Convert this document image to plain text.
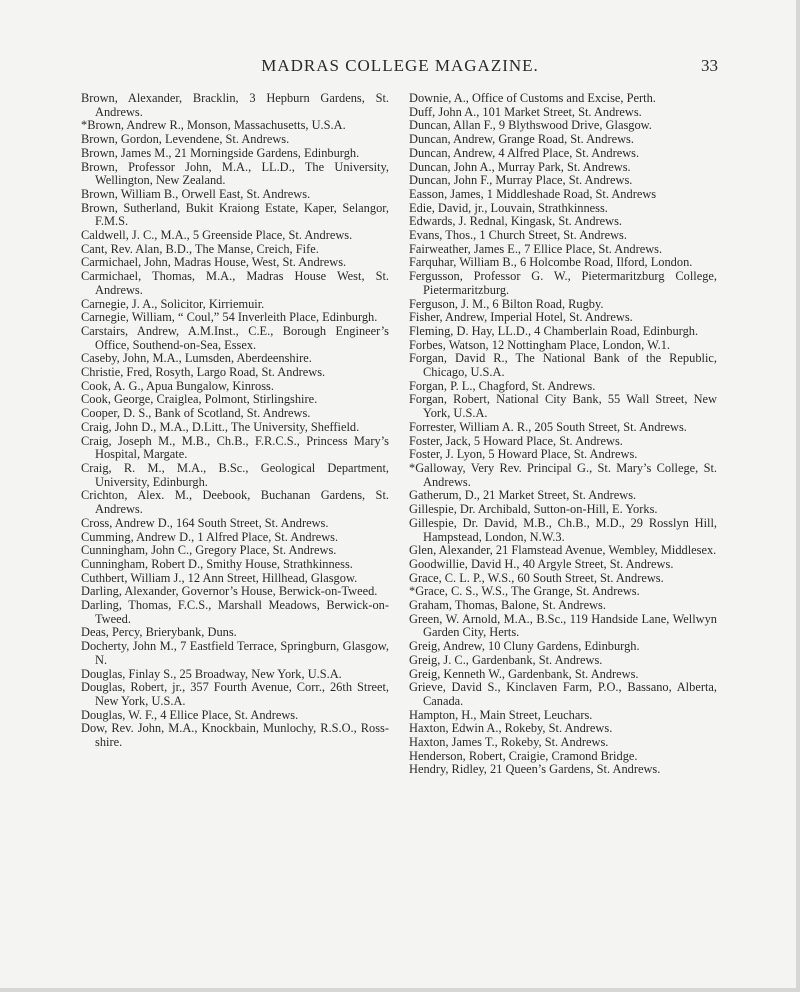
MADRAS COLLEGE MAGAZINE.	33
Brown, Alexander, Bracklin, 3 Hepburn Gardens, St. Andrews.
*Brown, Andrew R., Monson, Massachusetts, U.S.A.
Brown, Gordon, Levendene, St. Andrews.
Brown, James M., 21 Morningside Gardens, Edinburgh.
Brown, Professor John, M.A., LL.D., The University, Wellington, New Zealand.
Brown, William B., Orwell East, St. Andrews.
Brown, Sutherland, Bukit Kraiong Estate, Kaper, Selangor, F.M.S.
Caldwell, J. C., M.A., 5 Greenside Place, St. Andrews.
Cant, Rev. Alan, B.D., The Manse, Creich, Fife.
Carmichael, John, Madras House, West, St. Andrews.
Carmichael, Thomas, M.A., Madras House West, St. Andrews.
Carnegie, J. A., Solicitor, Kirriemuir.
Carnegie, William, “ Coul,” 54 Inverleith Place, Edinburgh.
Carstairs, Andrew, A.M.Inst., C.E., Borough Engineer’s Office, Southend-on-Sea, Essex.
Caseby, John, M.A., Lumsden, Aberdeenshire.
Christie, Fred, Rosyth, Largo Road, St. Andrews.
Cook, A. G., Apua Bungalow, Kinross.
Cook, George, Craiglea, Polmont, Stirlingshire.
Cooper, D. S., Bank of Scotland, St. Andrews.
Craig, John D., M.A., D.Litt., The University, Sheffield.
Craig, Joseph M., M.B., Ch.B., F.R.C.S., Princess Mary’s Hospital, Margate.
Craig, R. M., M.A., B.Sc., Geological Department, University, Edinburgh.
Crichton, Alex. M., Deebook, Buchanan Gardens, St. Andrews.
Cross, Andrew D., 164 South Street, St. Andrews.
Cumming, Andrew D., 1 Alfred Place, St. Andrews.
Cunningham, John C., Gregory Place, St. Andrews.
Cunningham, Robert D., Smithy House, Strathkinness.
Cuthbert, William J., 12 Ann Street, Hillhead, Glasgow.
Darling, Alexander, Governor’s House, Berwick-on-Tweed.
Darling, Thomas, F.C.S., Marshall Meadows, Berwick-on-Tweed.
Deas, Percy, Brierybank, Duns.
Docherty, John M., 7 Eastfield Terrace, Springburn, Glasgow, N.
Douglas, Finlay S., 25 Broadway, New York, U.S.A.
Douglas, Robert, jr., 357 Fourth Avenue, Corr., 26th Street, New York, U.S.A.
Douglas, W. F., 4 Ellice Place, St. Andrews.
Dow, Rev. John, M.A., Knockbain, Munlochy, R.S.O., Ross-shire.
Downie, A., Office of Customs and Excise, Perth.
Duff, John A., 101 Market Street, St. Andrews.
Duncan, Allan F., 9 Blythswood Drive, Glasgow.
Duncan, Andrew, Grange Road, St. Andrews.
Duncan, Andrew, 4 Alfred Place, St. Andrews.
Duncan, John A., Murray Park, St. Andrews.
Duncan, John F., Murray Place, St. Andrews.
Easson, James, 1 Middleshade Road, St. Andrews
Edie, David, jr., Louvain, Strathkinness.
Edwards, J. Rednal, Kingask, St. Andrews.
Evans, Thos., 1 Church Street, St. Andrews.
Fairweather, James E., 7 Ellice Place, St. Andrews.
Farquhar, William B., 6 Holcombe Road, Ilford, London.
Fergusson, Professor G. W., Pietermaritzburg College, Pietermaritzburg.
Ferguson, J. M., 6 Bilton Road, Rugby.
Fisher, Andrew, Imperial Hotel, St. Andrews.
Fleming, D. Hay, LL.D., 4 Chamberlain Road, Edinburgh.
Forbes, Watson, 12 Nottingham Place, London, W.1.
Forgan, David R., The National Bank of the Republic, Chicago, U.S.A.
Forgan, P. L., Chagford, St. Andrews.
Forgan, Robert, National City Bank, 55 Wall Street, New York, U.S.A.
Forrester, William A. R., 205 South Street, St. Andrews.
Foster, Jack, 5 Howard Place, St. Andrews.
Foster, J. Lyon, 5 Howard Place, St. Andrews.
*Galloway, Very Rev. Principal G., St. Mary’s College, St. Andrews.
Gatherum, D., 21 Market Street, St. Andrews.
Gillespie, Dr. Archibald, Sutton-on-Hill, E. Yorks.
Gillespie, Dr. David, M.B., Ch.B., M.D., 29 Rosslyn Hill, Hampstead, London, N.W.3.
Glen, Alexander, 21 Flamstead Avenue, Wembley, Middlesex.
Goodwillie, David H., 40 Argyle Street, St. Andrews.
Grace, C. L. P., W.S., 60 South Street, St. Andrews.
*Grace, C. S., W.S., The Grange, St. Andrews.
Graham, Thomas, Balone, St. Andrews.
Green, W. Arnold, M.A., B.Sc., 119 Handside Lane, Wellwyn Garden City, Herts.
Greig, Andrew, 10 Cluny Gardens, Edinburgh.
Greig, J. C., Gardenbank, St. Andrews.
Greig, Kenneth W., Gardenbank, St. Andrews.
Grieve, David S., Kinclaven Farm, P.O., Bassano, Alberta, Canada.
Hampton, H., Main Street, Leuchars.
Haxton, Edwin A., Rokeby, St. Andrews.
Haxton, James T., Rokeby, St. Andrews.
Henderson, Robert, Craigie, Cramond Bridge.
Hendry, Ridley, 21 Queen’s Gardens, St. Andrews.
